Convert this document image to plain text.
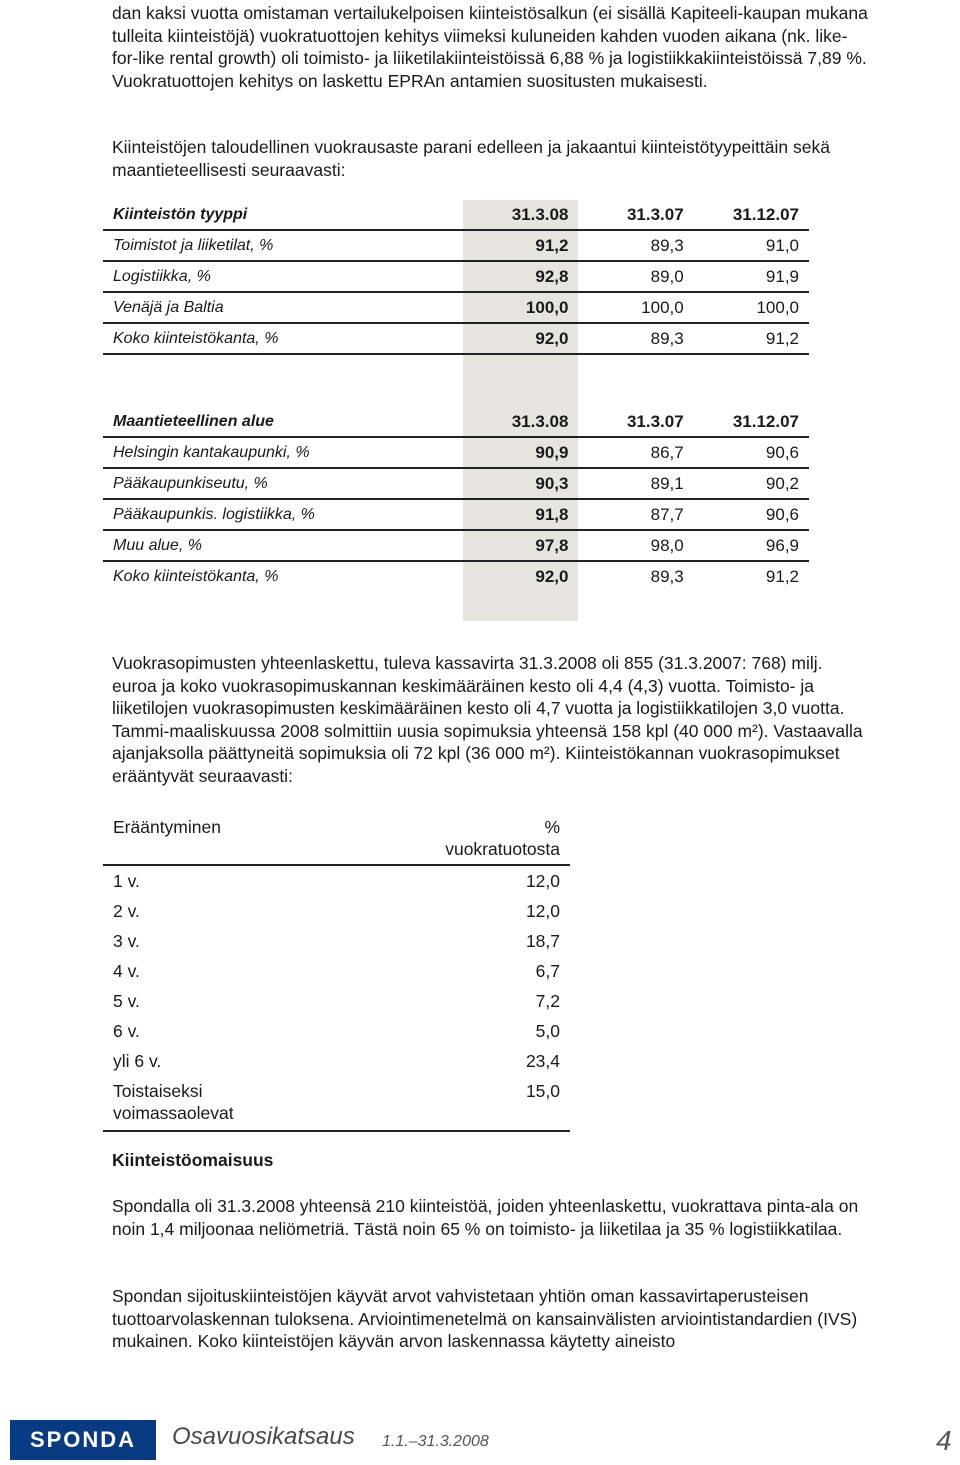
dan kaksi vuotta omistaman vertailukelpoisen kiinteistösalkun (ei sisällä Kapiteeli-kaupan mukana tulleita kiinteistöjä) vuokratuottojen kehitys viimeksi kuluneiden kahden vuoden aikana (nk. like-for-like rental growth) oli toimisto- ja liiketilakiinteistöissä 6,88 % ja logistiikkakiinteistöissä 7,89 %. Vuokratuottojen kehitys on laskettu EPRAn antamien suositusten mukaisesti.

Kiinteistöjen taloudellinen vuokrausaste parani edelleen ja jakaantui kiinteistötyypeittäin sekä maantieteellisesti seuraavasti:

Kiinteistön tyyppi	31.3.08	31.3.07	31.12.07
Toimistot ja liiketilat, %	91,2	89,3	91,0
Logistiikka, %	92,8	89,0	91,9
Venäjä ja Baltia	100,0	100,0	100,0
Koko kiinteistökanta, %	92,0	89,3	91,2

Maantieteellinen alue	31.3.08	31.3.07	31.12.07
Helsingin kantakaupunki, %	90,9	86,7	90,6
Pääkaupunkiseutu, %	90,3	89,1	90,2
Pääkaupunkis. logistiikka, %	91,8	87,7	90,6
Muu alue, %	97,8	98,0	96,9
Koko kiinteistökanta, %	92,0	89,3	91,2

Vuokrasopimusten yhteenlaskettu, tuleva kassavirta 31.3.2008 oli 855 (31.3.2007: 768) milj. euroa ja koko vuokrasopimuskannan keskimääräinen kesto oli 4,4 (4,3) vuotta. Toimisto- ja liiketilojen vuokrasopimusten keskimääräinen kesto oli 4,7 vuotta ja logistiikkatilojen 3,0 vuotta. Tammi-maaliskuussa 2008 solmittiin uusia sopimuksia yhteensä 158 kpl (40 000 m²). Vastaavalla ajanjaksolla päättyneitä sopimuksia oli 72 kpl (36 000 m²). Kiinteistökannan vuokrasopimukset erääntyvät seuraavasti:

Erääntyminen	% vuokratuotosta
1 v.	12,0
2 v.	12,0
3 v.	18,7
4 v.	6,7
5 v.	7,2
6 v.	5,0
yli 6 v.	23,4
Toistaiseksi voimassaolevat	15,0
Kiinteistöomaisuus

Spondalla oli 31.3.2008 yhteensä 210 kiinteistöä, joiden yhteenlaskettu, vuokrattava pinta-ala on noin 1,4 miljoonaa neliömetriä. Tästä noin 65 % on toimisto- ja liiketilaa ja 35 % logistiikkatilaa.

Spondan sijoituskiinteistöjen käyvät arvot vahvistetaan yhtiön oman kassavirtaperusteisen tuottoarvolaskennan tuloksena. Arviointimenetelmä on kansainvälisten arviointistandardien (IVS) mukainen. Koko kiinteistöjen käyvän arvon laskennassa käytetty aineisto

SPONDA	Osavuosikatsaus 1.1.–31.3.2008	4
